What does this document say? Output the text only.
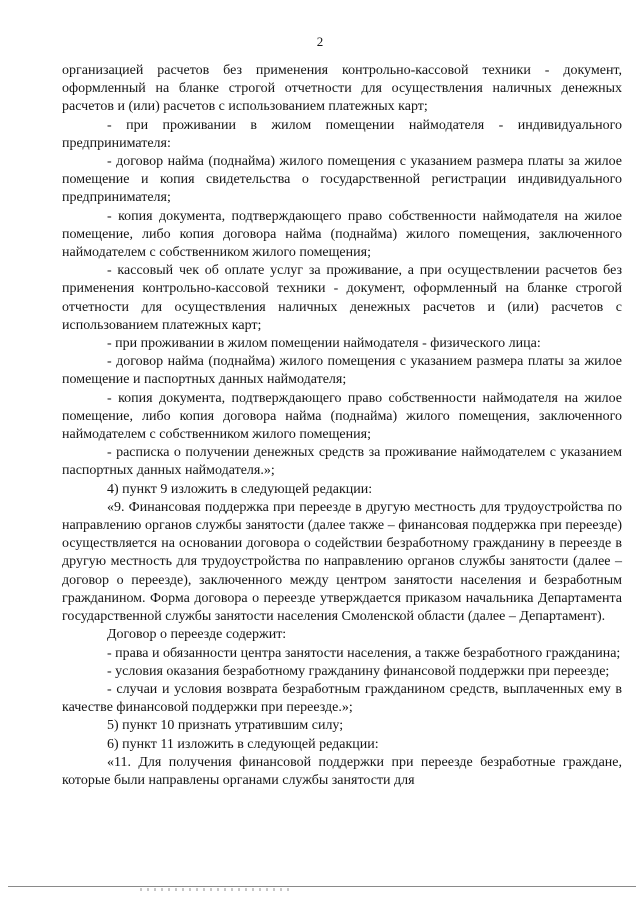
2

организацией расчетов без применения контрольно-кассовой техники - документ, оформленный на бланке строгой отчетности для осуществления наличных денежных расчетов и (или) расчетов с использованием платежных карт;

- при проживании в жилом помещении наймодателя - индивидуального предпринимателя:

- договор найма (поднайма) жилого помещения с указанием размера платы за жилое помещение и копия свидетельства о государственной регистрации индивидуального предпринимателя;

- копия документа, подтверждающего право собственности наймодателя на жилое помещение, либо копия договора найма (поднайма) жилого помещения, заключенного наймодателем с собственником жилого помещения;

- кассовый чек об оплате услуг за проживание, а при осуществлении расчетов без применения контрольно-кассовой техники - документ, оформленный на бланке строгой отчетности для осуществления наличных денежных расчетов и (или) расчетов с использованием платежных карт;

- при проживании в жилом помещении наймодателя - физического лица:

- договор найма (поднайма) жилого помещения с указанием размера платы за жилое помещение и паспортных данных наймодателя;

- копия документа, подтверждающего право собственности наймодателя на жилое помещение, либо копия договора найма (поднайма) жилого помещения, заключенного наймодателем с собственником жилого помещения;

- расписка о получении денежных средств за проживание наймодателем с указанием паспортных данных наймодателя.»;

4) пункт 9 изложить в следующей редакции:

«9. Финансовая поддержка при переезде в другую местность для трудоустройства по направлению органов службы занятости (далее также – финансовая поддержка при переезде) осуществляется на основании договора о содействии безработному гражданину в переезде в другую местность для трудоустройства по направлению органов службы занятости (далее – договор о переезде), заключенного между центром занятости населения и безработным гражданином. Форма договора о переезде утверждается приказом начальника Департамента государственной службы занятости населения Смоленской области (далее – Департамент).

Договор о переезде содержит:

- права и обязанности центра занятости населения, а также безработного гражданина;

- условия оказания безработному гражданину финансовой поддержки при переезде;

- случаи и условия возврата безработным гражданином средств, выплаченных ему в качестве финансовой поддержки при переезде.»;

5) пункт 10 признать утратившим силу;

6) пункт 11 изложить в следующей редакции:

«11. Для получения финансовой поддержки при переезде безработные граждане, которые были направлены органами службы занятости для
